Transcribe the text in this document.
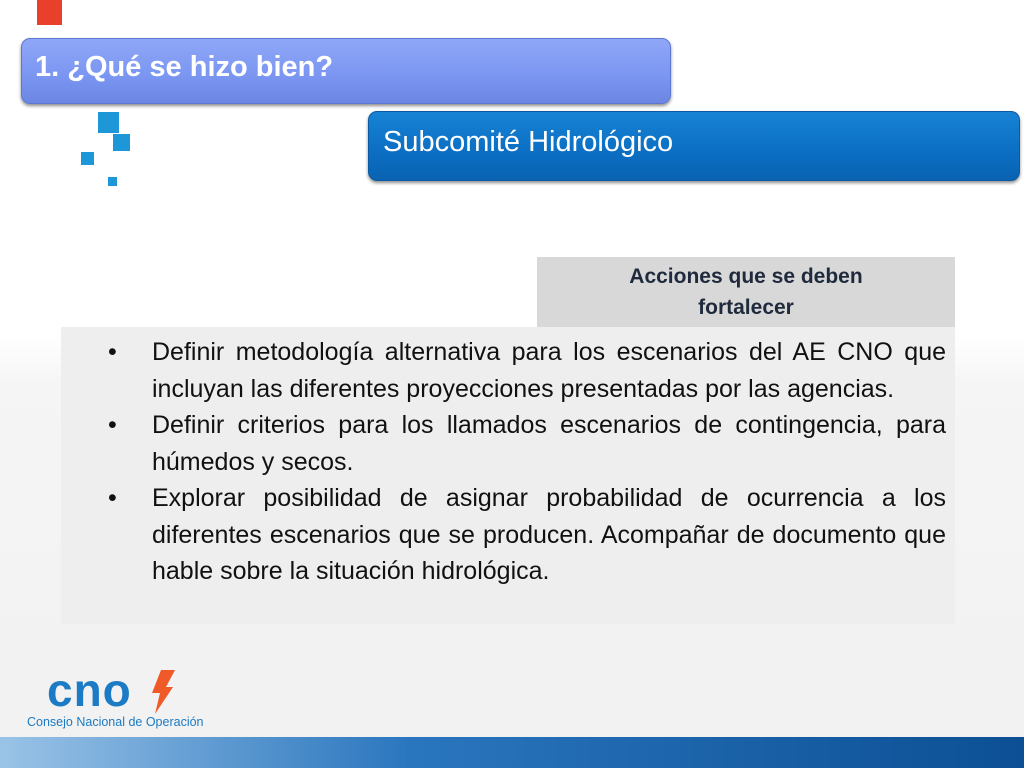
1. ¿Qué se hizo bien?
Subcomité Hidrológico
Acciones que se deben fortalecer
• Definir metodología alternativa para los escenarios del AE CNO que incluyan las diferentes proyecciones presentadas por las agencias.
• Definir criterios para los llamados escenarios de contingencia, para húmedos y secos.
• Explorar posibilidad de asignar probabilidad de ocurrencia a los diferentes escenarios que se producen. Acompañar de documento que hable sobre la situación hidrológica.
cno
Consejo Nacional de Operación
